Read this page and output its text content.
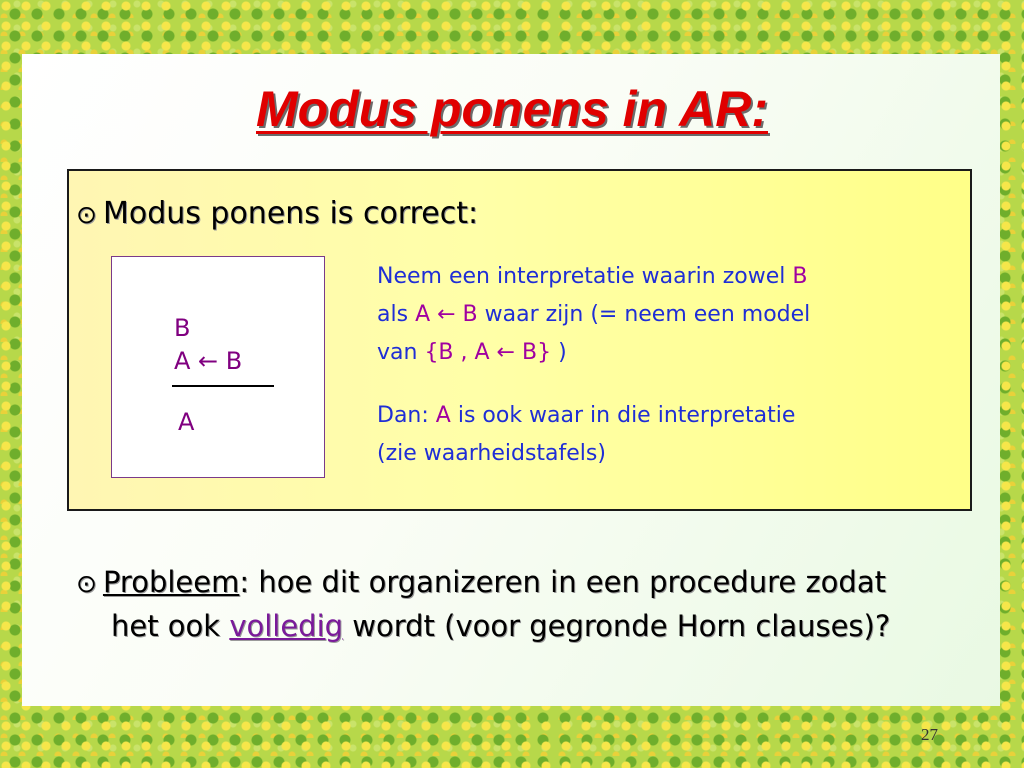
Modus ponens in AR:
⊙ Modus ponens is correct:
B
A ← B
A
Neem een interpretatie waarin zowel B
als A ← B waar zijn (= neem een model
van {B , A ← B} )
Dan: A is ook waar in die interpretatie
(zie waarheidstafels)
⊙ Probleem: hoe dit organizeren in een procedure zodat
het ook volledig wordt (voor gegronde Horn clauses)?
27
